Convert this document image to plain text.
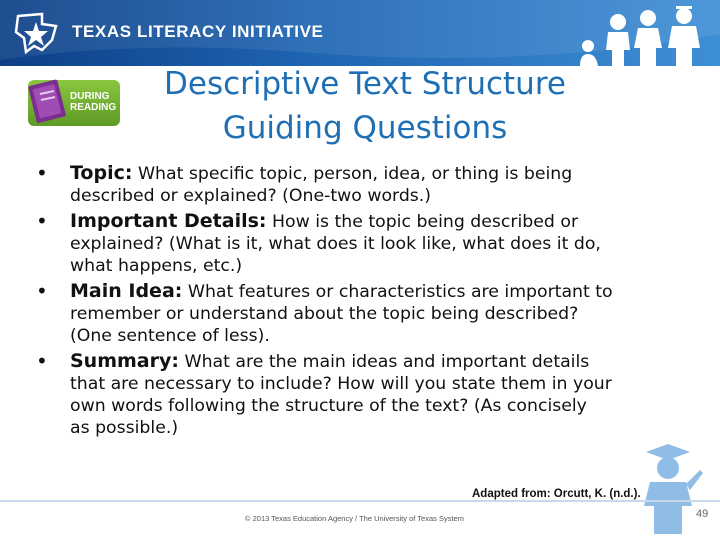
TEXAS LITERACY INITIATIVE
DURING
READING
Descriptive Text Structure
Guiding Questions
• Topic: What specific topic, person, idea, or thing is being
described or explained? (One-two words.)
• Important Details: How is the topic being described or
explained? (What is it, what does it look like, what does it do,
what happens, etc.)
• Main Idea: What features or characteristics are important to
remember or understand about the topic being described?
(One sentence of less).
• Summary: What are the main ideas and important details
that are necessary to include? How will you state them in your
own words following the structure of the text? (As concisely
as possible.)
Adapted from: Orcutt, K. (n.d.).
© 2013 Texas Education Agency / The University of Texas System	49
